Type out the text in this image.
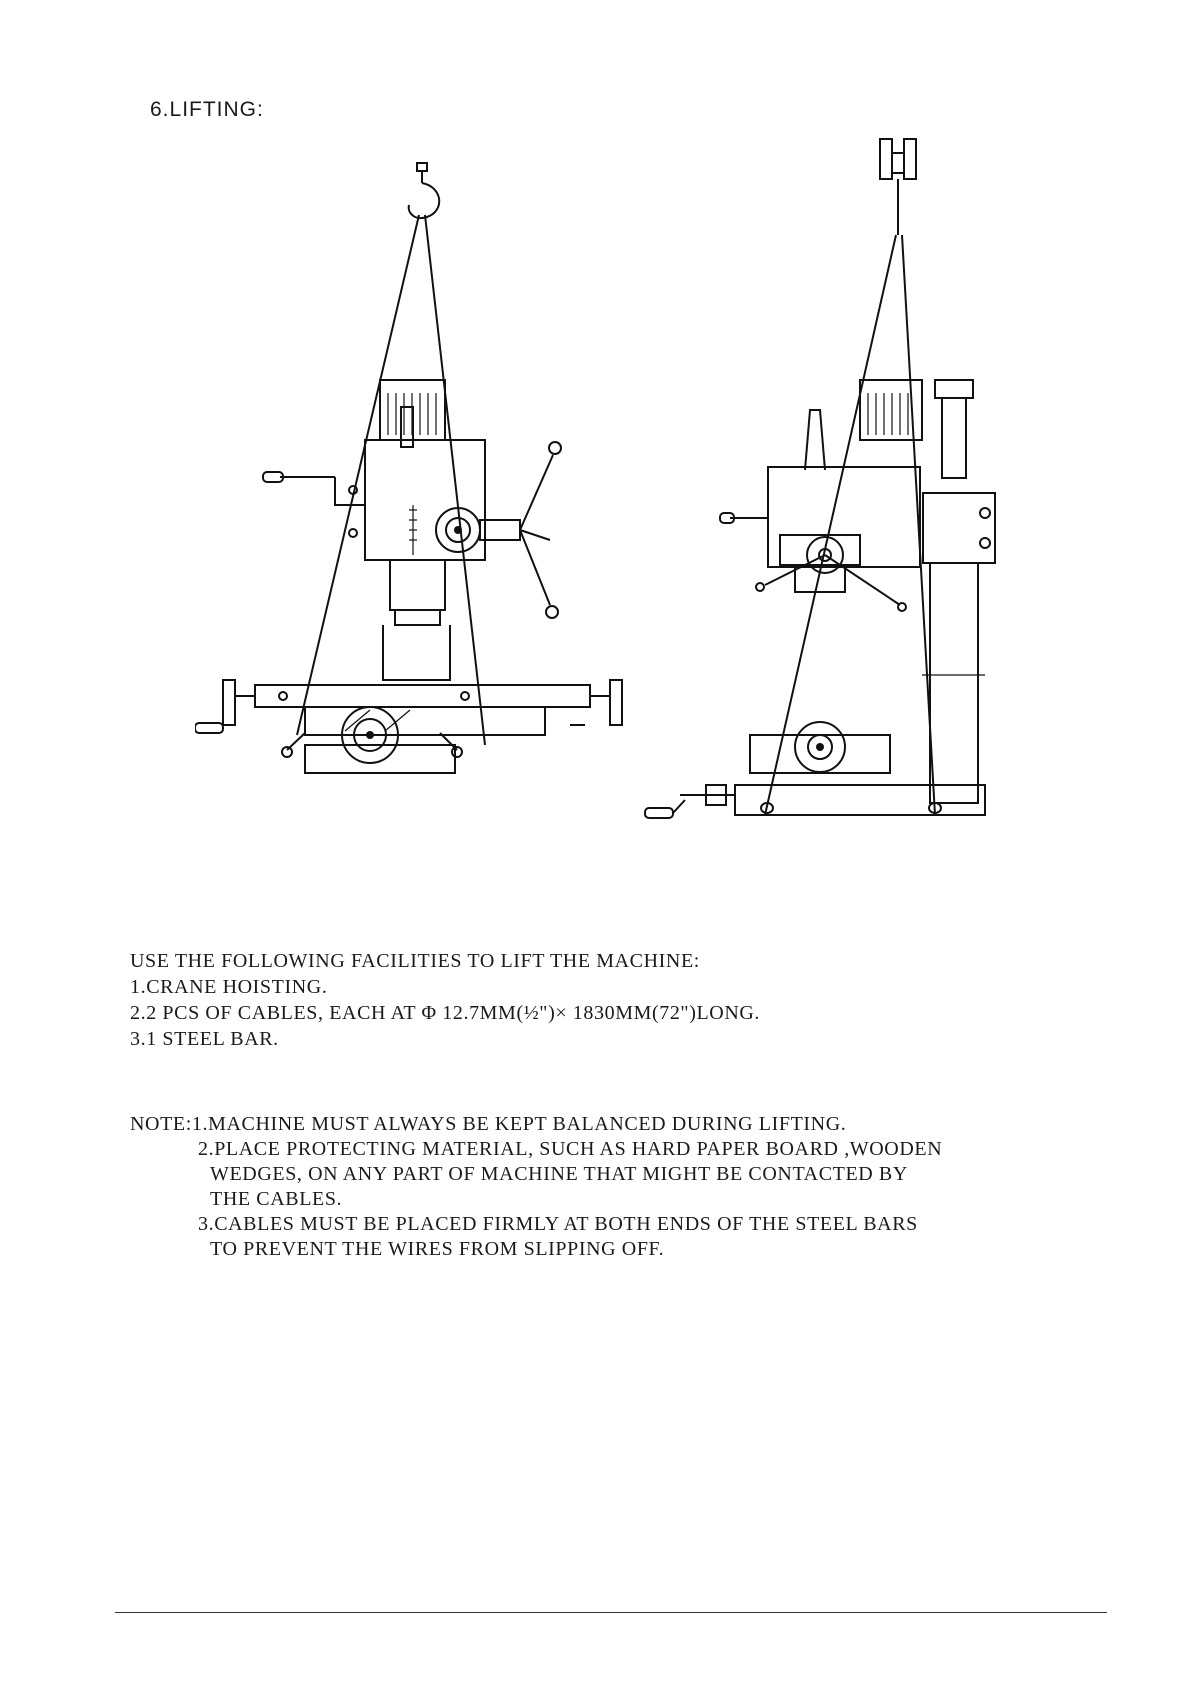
6.LIFTING:

USE THE FOLLOWING FACILITIES TO LIFT THE MACHINE:

1.CRANE HOISTING.

2.2 PCS OF CABLES, EACH AT Φ 12.7MM(½")× 1830MM(72")LONG.

3.1 STEEL BAR.

NOTE:1.MACHINE MUST ALWAYS BE KEPT BALANCED DURING LIFTING.

2.PLACE PROTECTING MATERIAL, SUCH AS HARD PAPER BOARD ,WOODEN

WEDGES, ON ANY PART OF MACHINE THAT MIGHT BE CONTACTED BY

THE CABLES.

3.CABLES MUST BE PLACED FIRMLY AT BOTH ENDS OF THE STEEL BARS

TO PREVENT THE WIRES FROM SLIPPING OFF.
